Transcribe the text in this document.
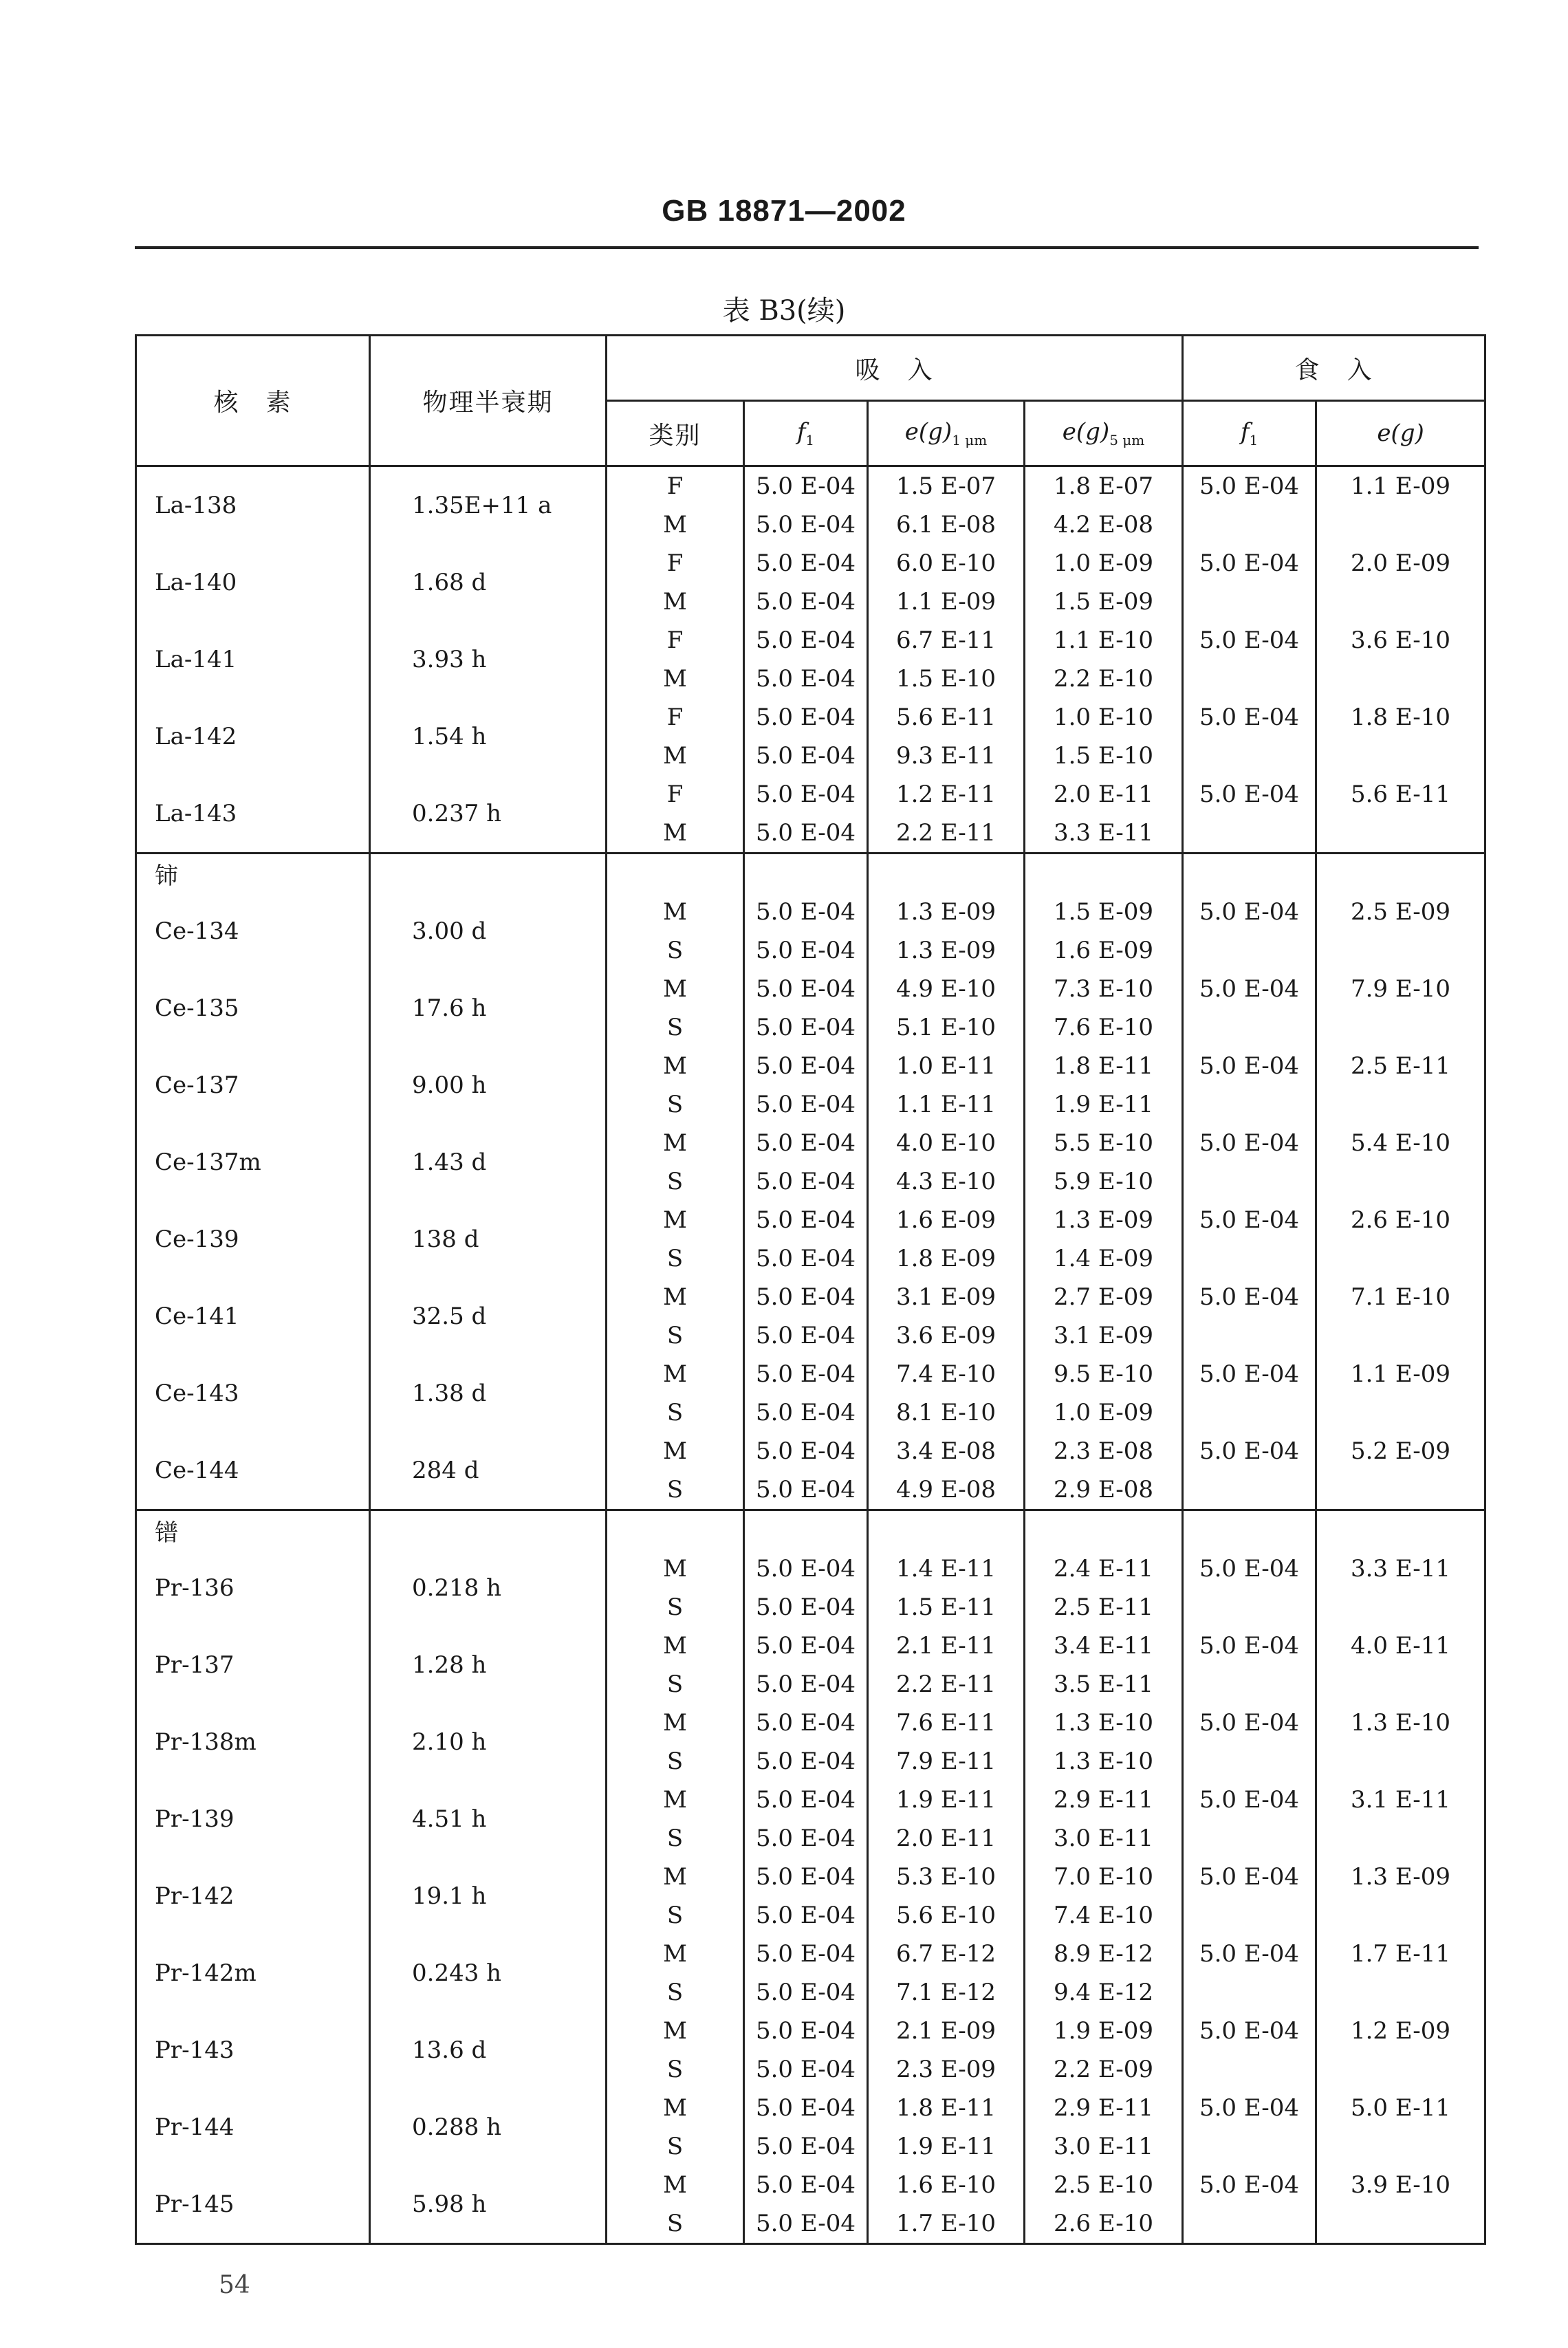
GB 18871—2002
表 B3(续)
核　素	物理半衰期	吸　入				食　入	
		类别	$f_1$	$e(g)_{1 \mu m}$	$e(g)_{5 \mu m}$	$f_1$	e(g)
La-138	1.35E+11 a	F	5.0 E-04	1.5 E-07	1.8 E-07	5.0 E-04	1.1 E-09
		M	5.0 E-04	6.1 E-08	4.2 E-08		
La-140	1.68 d	F	5.0 E-04	6.0 E-10	1.0 E-09	5.0 E-04	2.0 E-09
		M	5.0 E-04	1.1 E-09	1.5 E-09		
La-141	3.93 h	F	5.0 E-04	6.7 E-11	1.1 E-10	5.0 E-04	3.6 E-10
		M	5.0 E-04	1.5 E-10	2.2 E-10		
La-142	1.54 h	F	5.0 E-04	5.6 E-11	1.0 E-10	5.0 E-04	1.8 E-10
		M	5.0 E-04	9.3 E-11	1.5 E-10		
La-143	0.237 h	F	5.0 E-04	1.2 E-11	2.0 E-11	5.0 E-04	5.6 E-11
		M	5.0 E-04	2.2 E-11	3.3 E-11		
铈							
Ce-134	3.00 d	M	5.0 E-04	1.3 E-09	1.5 E-09	5.0 E-04	2.5 E-09
		S	5.0 E-04	1.3 E-09	1.6 E-09		
Ce-135	17.6 h	M	5.0 E-04	4.9 E-10	7.3 E-10	5.0 E-04	7.9 E-10
		S	5.0 E-04	5.1 E-10	7.6 E-10		
Ce-137	9.00 h	M	5.0 E-04	1.0 E-11	1.8 E-11	5.0 E-04	2.5 E-11
		S	5.0 E-04	1.1 E-11	1.9 E-11		
Ce-137m	1.43 d	M	5.0 E-04	4.0 E-10	5.5 E-10	5.0 E-04	5.4 E-10
		S	5.0 E-04	4.3 E-10	5.9 E-10		
Ce-139	138 d	M	5.0 E-04	1.6 E-09	1.3 E-09	5.0 E-04	2.6 E-10
		S	5.0 E-04	1.8 E-09	1.4 E-09		
Ce-141	32.5 d	M	5.0 E-04	3.1 E-09	2.7 E-09	5.0 E-04	7.1 E-10
		S	5.0 E-04	3.6 E-09	3.1 E-09		
Ce-143	1.38 d	M	5.0 E-04	7.4 E-10	9.5 E-10	5.0 E-04	1.1 E-09
		S	5.0 E-04	8.1 E-10	1.0 E-09		
Ce-144	284 d	M	5.0 E-04	3.4 E-08	2.3 E-08	5.0 E-04	5.2 E-09
		S	5.0 E-04	4.9 E-08	2.9 E-08		
镨							
Pr-136	0.218 h	M	5.0 E-04	1.4 E-11	2.4 E-11	5.0 E-04	3.3 E-11
		S	5.0 E-04	1.5 E-11	2.5 E-11		
Pr-137	1.28 h	M	5.0 E-04	2.1 E-11	3.4 E-11	5.0 E-04	4.0 E-11
		S	5.0 E-04	2.2 E-11	3.5 E-11		
Pr-138m	2.10 h	M	5.0 E-04	7.6 E-11	1.3 E-10	5.0 E-04	1.3 E-10
		S	5.0 E-04	7.9 E-11	1.3 E-10		
Pr-139	4.51 h	M	5.0 E-04	1.9 E-11	2.9 E-11	5.0 E-04	3.1 E-11
		S	5.0 E-04	2.0 E-11	3.0 E-11		
Pr-142	19.1 h	M	5.0 E-04	5.3 E-10	7.0 E-10	5.0 E-04	1.3 E-09
		S	5.0 E-04	5.6 E-10	7.4 E-10		
Pr-142m	0.243 h	M	5.0 E-04	6.7 E-12	8.9 E-12	5.0 E-04	1.7 E-11
		S	5.0 E-04	7.1 E-12	9.4 E-12		
Pr-143	13.6 d	M	5.0 E-04	2.1 E-09	1.9 E-09	5.0 E-04	1.2 E-09
		S	5.0 E-04	2.3 E-09	2.2 E-09		
Pr-144	0.288 h	M	5.0 E-04	1.8 E-11	2.9 E-11	5.0 E-04	5.0 E-11
		S	5.0 E-04	1.9 E-11	3.0 E-11		
Pr-145	5.98 h	M	5.0 E-04	1.6 E-10	2.5 E-10	5.0 E-04	3.9 E-10
		S	5.0 E-04	1.7 E-10	2.6 E-10		
54
